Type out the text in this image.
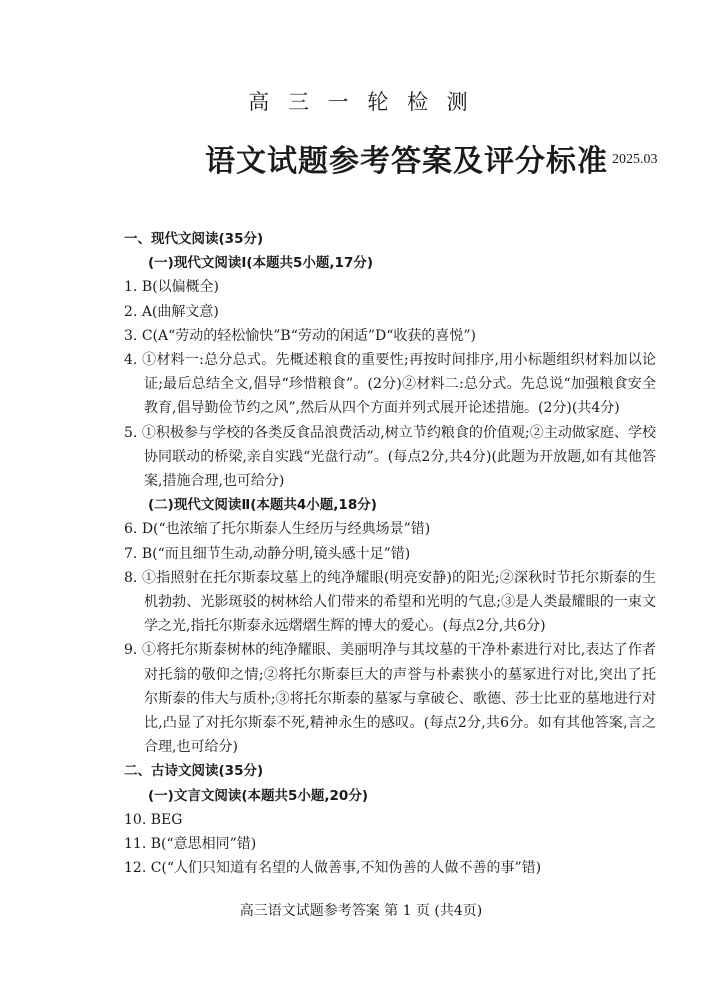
高 三 一 轮 检 测
语文试题参考答案及评分标准 2025.03
一、现代文阅读(35分)
(一)现代文阅读Ⅰ(本题共5小题,17分)
1. B(以偏概全)
2. A(曲解文意)
3. C(A“劳动的轻松愉快”B“劳动的闲适”D“收获的喜悦”)
4. ①材料一:总分总式。先概述粮食的重要性;再按时间排序,用小标题组织材料加以论证;最后总结全文,倡导“珍惜粮食”。(2分)②材料二:总分式。先总说“加强粮食安全教育,倡导勤俭节约之风”,然后从四个方面并列式展开论述措施。(2分)(共4分)
5. ①积极参与学校的各类反食品浪费活动,树立节约粮食的价值观;②主动做家庭、学校协同联动的桥梁,亲自实践“光盘行动”。(每点2分,共4分)(此题为开放题,如有其他答案,措施合理,也可给分)
(二)现代文阅读Ⅱ(本题共4小题,18分)
6. D(“也浓缩了托尔斯泰人生经历与经典场景”错)
7. B(“而且细节生动,动静分明,镜头感十足”错)
8. ①指照射在托尔斯泰坟墓上的纯净耀眼(明亮安静)的阳光;②深秋时节托尔斯泰的生机勃勃、光影斑驳的树林给人们带来的希望和光明的气息;③是人类最耀眼的一束文学之光,指托尔斯泰永远熠熠生辉的博大的爱心。(每点2分,共6分)
9. ①将托尔斯泰树林的纯净耀眼、美丽明净与其坟墓的干净朴素进行对比,表达了作者对托翁的敬仰之情;②将托尔斯泰巨大的声誉与朴素狭小的墓冢进行对比,突出了托尔斯泰的伟大与质朴;③将托尔斯泰的墓冢与拿破仑、歌德、莎士比亚的墓地进行对比,凸显了对托尔斯泰不死,精神永生的感叹。(每点2分,共6分。如有其他答案,言之合理,也可给分)
二、古诗文阅读(35分)
(一)文言文阅读(本题共5小题,20分)
10. BEG
11. B(“意思相同”错)
12. C(“人们只知道有名望的人做善事,不知伪善的人做不善的事”错)
高三语文试题参考答案 第 1 页 (共4页)
